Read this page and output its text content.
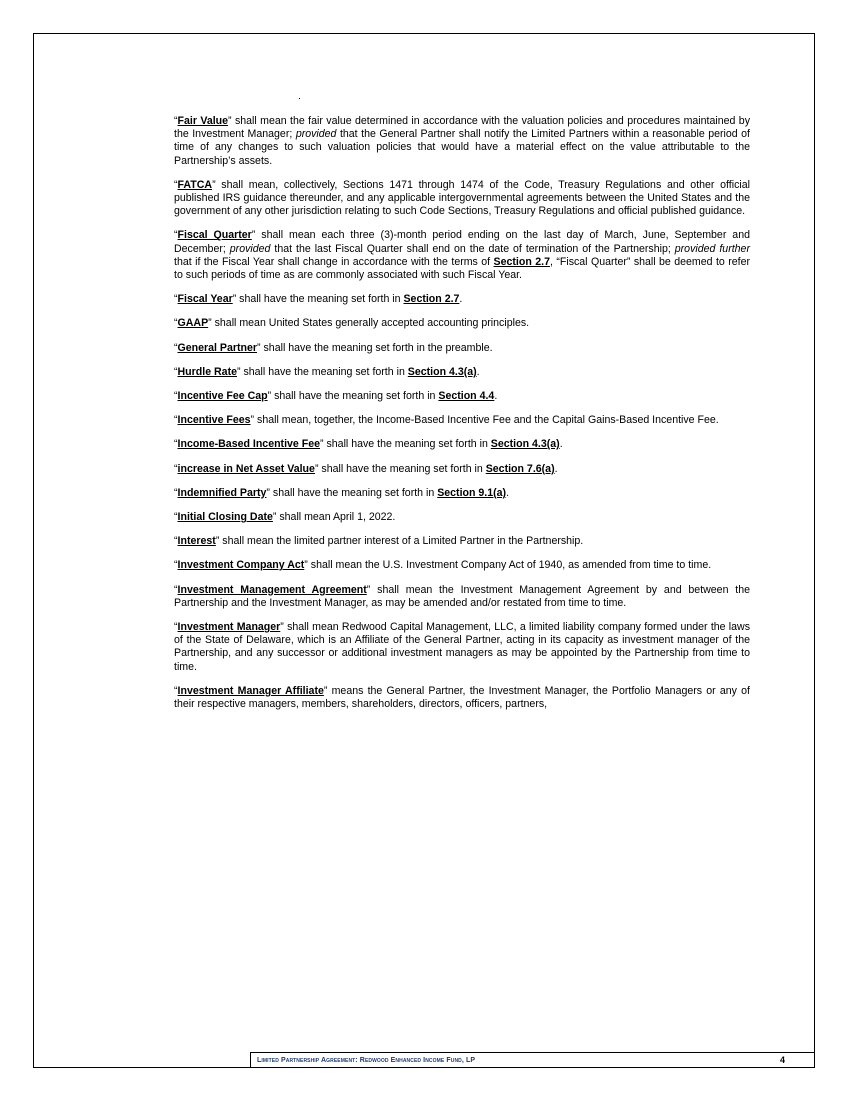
“Fair Value” shall mean the fair value determined in accordance with the valuation policies and procedures maintained by the Investment Manager; provided that the General Partner shall notify the Limited Partners within a reasonable period of time of any changes to such valuation policies that would have a material effect on the value attributable to the Partnership’s assets.

“FATCA” shall mean, collectively, Sections 1471 through 1474 of the Code, Treasury Regulations and other official published IRS guidance thereunder, and any applicable intergovernmental agreements between the United States and the government of any other jurisdiction relating to such Code Sections, Treasury Regulations and official published guidance.

“Fiscal Quarter” shall mean each three (3)-month period ending on the last day of March, June, September and December; provided that the last Fiscal Quarter shall end on the date of termination of the Partnership; provided further that if the Fiscal Year shall change in accordance with the terms of Section 2.7, “Fiscal Quarter” shall be deemed to refer to such periods of time as are commonly associated with such Fiscal Year.

“Fiscal Year” shall have the meaning set forth in Section 2.7.

“GAAP” shall mean United States generally accepted accounting principles.

“General Partner” shall have the meaning set forth in the preamble.

“Hurdle Rate” shall have the meaning set forth in Section 4.3(a).

“Incentive Fee Cap” shall have the meaning set forth in Section 4.4.

“Incentive Fees” shall mean, together, the Income-Based Incentive Fee and the Capital Gains-Based Incentive Fee.

“Income-Based Incentive Fee” shall have the meaning set forth in Section 4.3(a).

“increase in Net Asset Value” shall have the meaning set forth in Section 7.6(a).

“Indemnified Party” shall have the meaning set forth in Section 9.1(a).

“Initial Closing Date” shall mean April 1, 2022.

“Interest” shall mean the limited partner interest of a Limited Partner in the Partnership.

“Investment Company Act” shall mean the U.S. Investment Company Act of 1940, as amended from time to time.

“Investment Management Agreement” shall mean the Investment Management Agreement by and between the Partnership and the Investment Manager, as may be amended and/or restated from time to time.

“Investment Manager” shall mean Redwood Capital Management, LLC, a limited liability company formed under the laws of the State of Delaware, which is an Affiliate of the General Partner, acting in its capacity as investment manager of the Partnership, and any successor or additional investment managers as may be appointed by the Partnership from time to time.

“Investment Manager Affiliate” means the General Partner, the Investment Manager, the Portfolio Managers or any of their respective managers, members, shareholders, directors, officers, partners,

Limited Partnership Agreement: Redwood Enhanced Income Fund, LP	4
